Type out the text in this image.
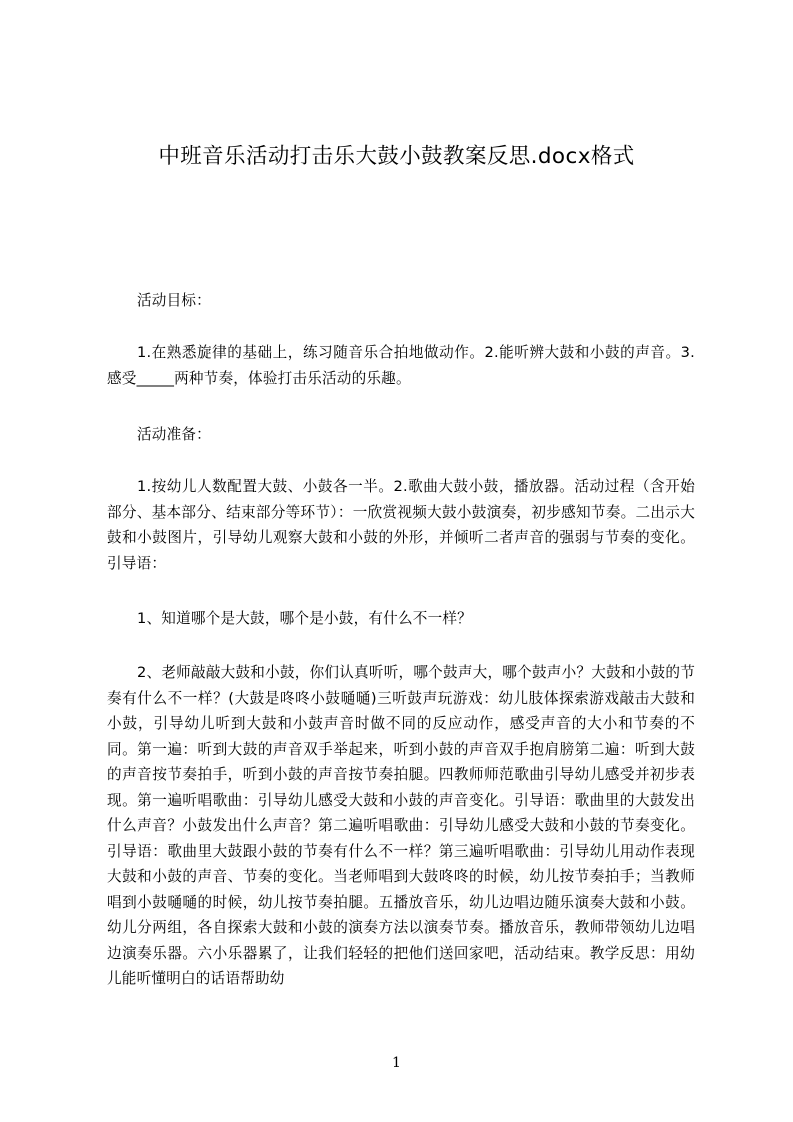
中班音乐活动打击乐大鼓小鼓教案反思.docx格式
活动目标：
1.在熟悉旋律的基础上，练习随音乐合拍地做动作。2.能听辨大鼓和小鼓的声音。3.感受_____两种节奏，体验打击乐活动的乐趣。
活动准备：
1.按幼儿人数配置大鼓、小鼓各一半。2.歌曲大鼓小鼓，播放器。活动过程（含开始部分、基本部分、结束部分等环节）：一欣赏视频大鼓小鼓演奏，初步感知节奏。二出示大鼓和小鼓图片，引导幼儿观察大鼓和小鼓的外形，并倾听二者声音的强弱与节奏的变化。引导语：
1、知道哪个是大鼓，哪个是小鼓，有什么不一样？
2、老师敲敲大鼓和小鼓，你们认真听听，哪个鼓声大，哪个鼓声小？大鼓和小鼓的节奏有什么不一样？(大鼓是咚咚小鼓嗵嗵)三听鼓声玩游戏：幼儿肢体探索游戏敲击大鼓和小鼓，引导幼儿听到大鼓和小鼓声音时做不同的反应动作，感受声音的大小和节奏的不同。第一遍：听到大鼓的声音双手举起来，听到小鼓的声音双手抱肩膀第二遍：听到大鼓的声音按节奏拍手，听到小鼓的声音按节奏拍腿。四教师师范歌曲引导幼儿感受并初步表现。第一遍听唱歌曲：引导幼儿感受大鼓和小鼓的声音变化。引导语：歌曲里的大鼓发出什么声音？小鼓发出什么声音？第二遍听唱歌曲：引导幼儿感受大鼓和小鼓的节奏变化。引导语：歌曲里大鼓跟小鼓的节奏有什么不一样？第三遍听唱歌曲：引导幼儿用动作表现大鼓和小鼓的声音、节奏的变化。当老师唱到大鼓咚咚的时候，幼儿按节奏拍手；当教师唱到小鼓嗵嗵的时候，幼儿按节奏拍腿。五播放音乐，幼儿边唱边随乐演奏大鼓和小鼓。幼儿分两组，各自探索大鼓和小鼓的演奏方法以演奏节奏。播放音乐，教师带领幼儿边唱边演奏乐器。六小乐器累了，让我们轻轻的把他们送回家吧，活动结束。教学反思：用幼儿能听懂明白的话语帮助幼
1
